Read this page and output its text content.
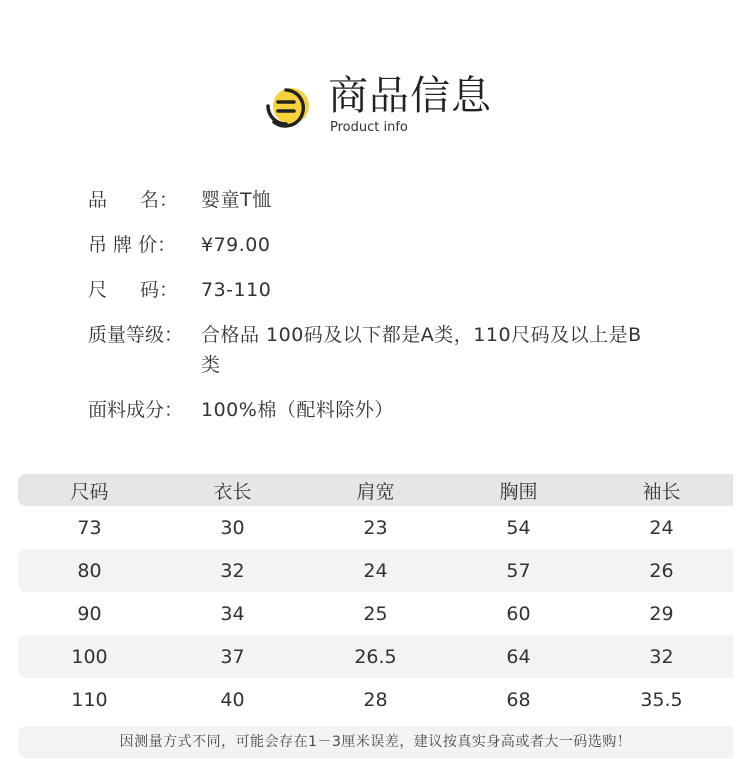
商品信息
Product info
品 名： 婴童T恤
吊 牌 价：	¥79.00
尺 码： 73-110
质量等级： 合格品 100码及以下都是A类，110尺码及以上是B类
面料成分： 100%棉（配料除外）
尺码	衣长	肩宽	胸围	袖长
73	30	23	54	24
80	32	24	57	26
90	34	25	60	29
100	37	26.5	64	32
110	40	28	68	35.5
因测量方式不同，可能会存在1－3厘米误差，建议按真实身高或者大一码选购！
